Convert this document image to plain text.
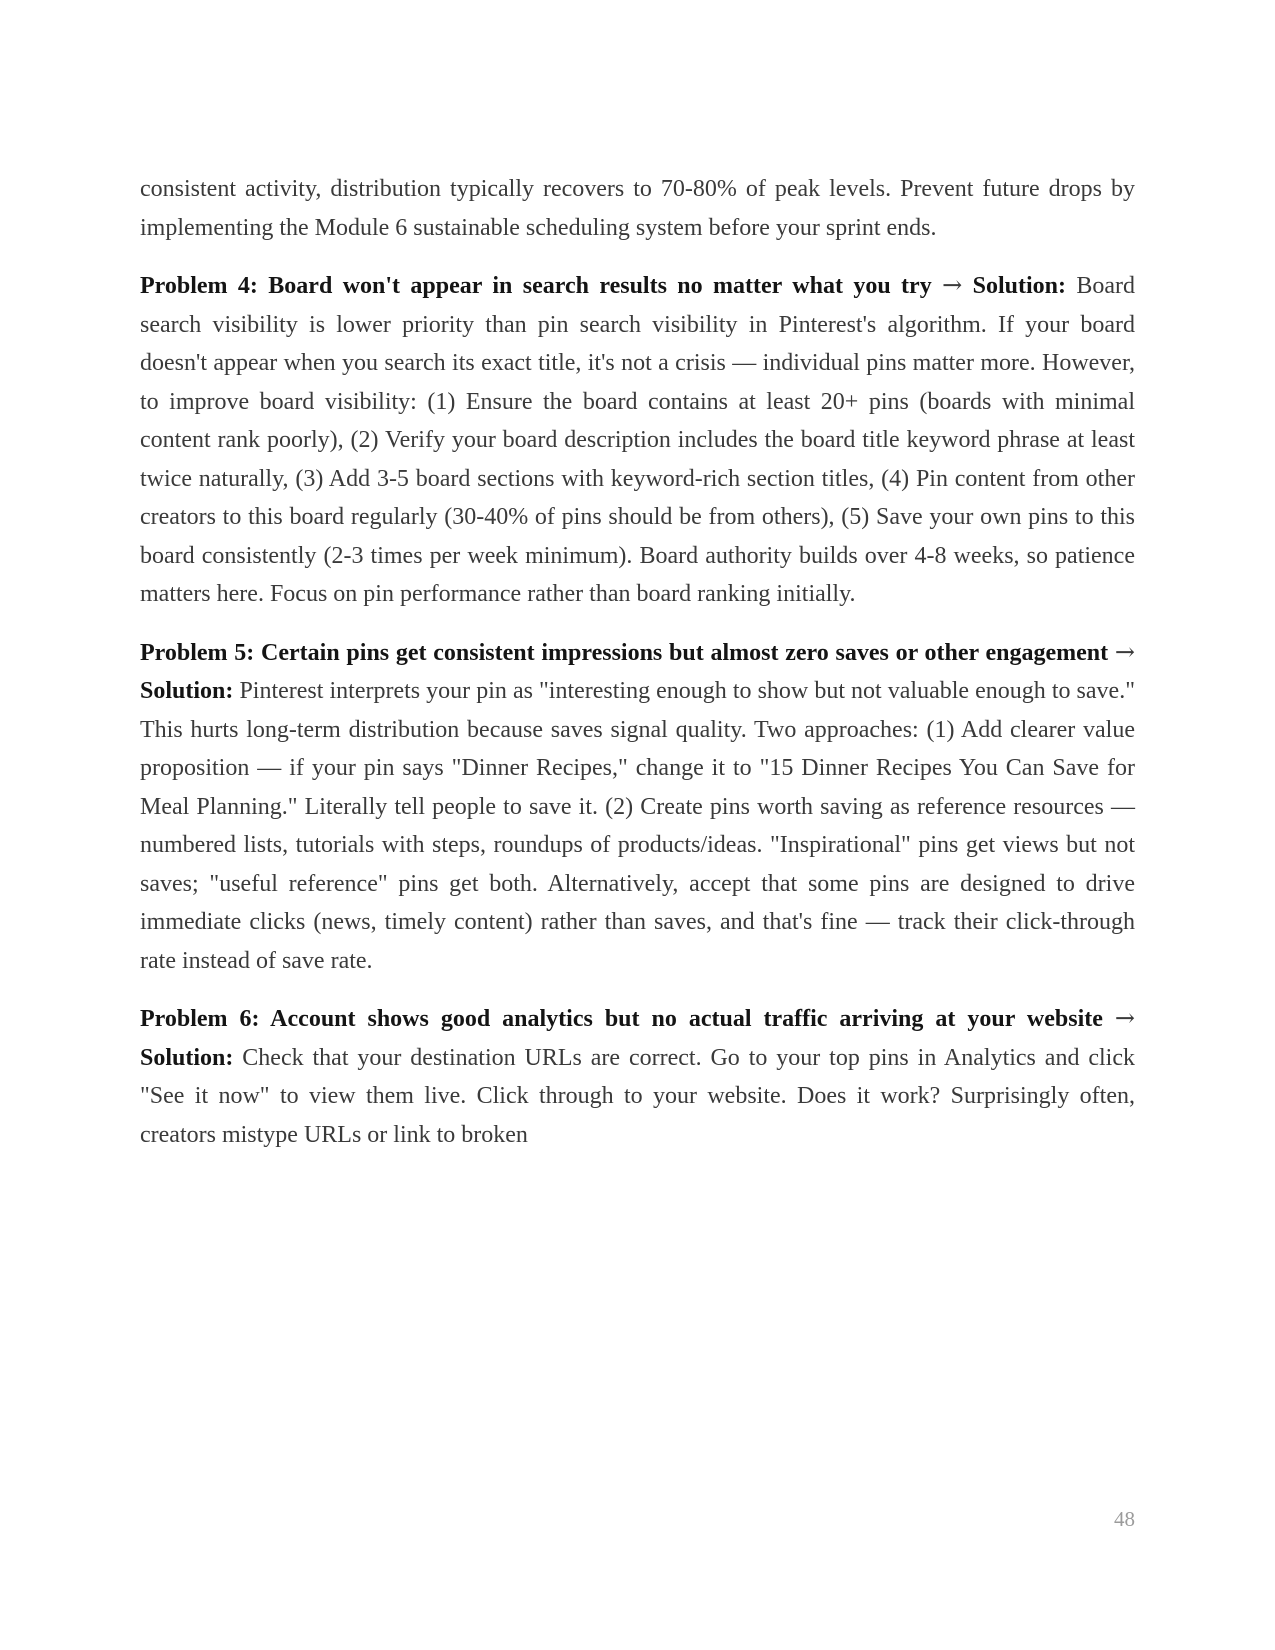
consistent activity, distribution typically recovers to 70-80% of peak levels. Prevent future drops by implementing the Module 6 sustainable scheduling system before your sprint ends.

Problem 4: Board won't appear in search results no matter what you try → Solution: Board search visibility is lower priority than pin search visibility in Pinterest's algorithm. If your board doesn't appear when you search its exact title, it's not a crisis — individual pins matter more. However, to improve board visibility: (1) Ensure the board contains at least 20+ pins (boards with minimal content rank poorly), (2) Verify your board description includes the board title keyword phrase at least twice naturally, (3) Add 3-5 board sections with keyword-rich section titles, (4) Pin content from other creators to this board regularly (30-40% of pins should be from others), (5) Save your own pins to this board consistently (2-3 times per week minimum). Board authority builds over 4-8 weeks, so patience matters here. Focus on pin performance rather than board ranking initially.

Problem 5: Certain pins get consistent impressions but almost zero saves or other engagement → Solution: Pinterest interprets your pin as "interesting enough to show but not valuable enough to save." This hurts long-term distribution because saves signal quality. Two approaches: (1) Add clearer value proposition — if your pin says "Dinner Recipes," change it to "15 Dinner Recipes You Can Save for Meal Planning." Literally tell people to save it. (2) Create pins worth saving as reference resources — numbered lists, tutorials with steps, roundups of products/ideas. "Inspirational" pins get views but not saves; "useful reference" pins get both. Alternatively, accept that some pins are designed to drive immediate clicks (news, timely content) rather than saves, and that's fine — track their click-through rate instead of save rate.

Problem 6: Account shows good analytics but no actual traffic arriving at your website → Solution: Check that your destination URLs are correct. Go to your top pins in Analytics and click "See it now" to view them live. Click through to your website. Does it work? Surprisingly often, creators mistype URLs or link to broken

48
